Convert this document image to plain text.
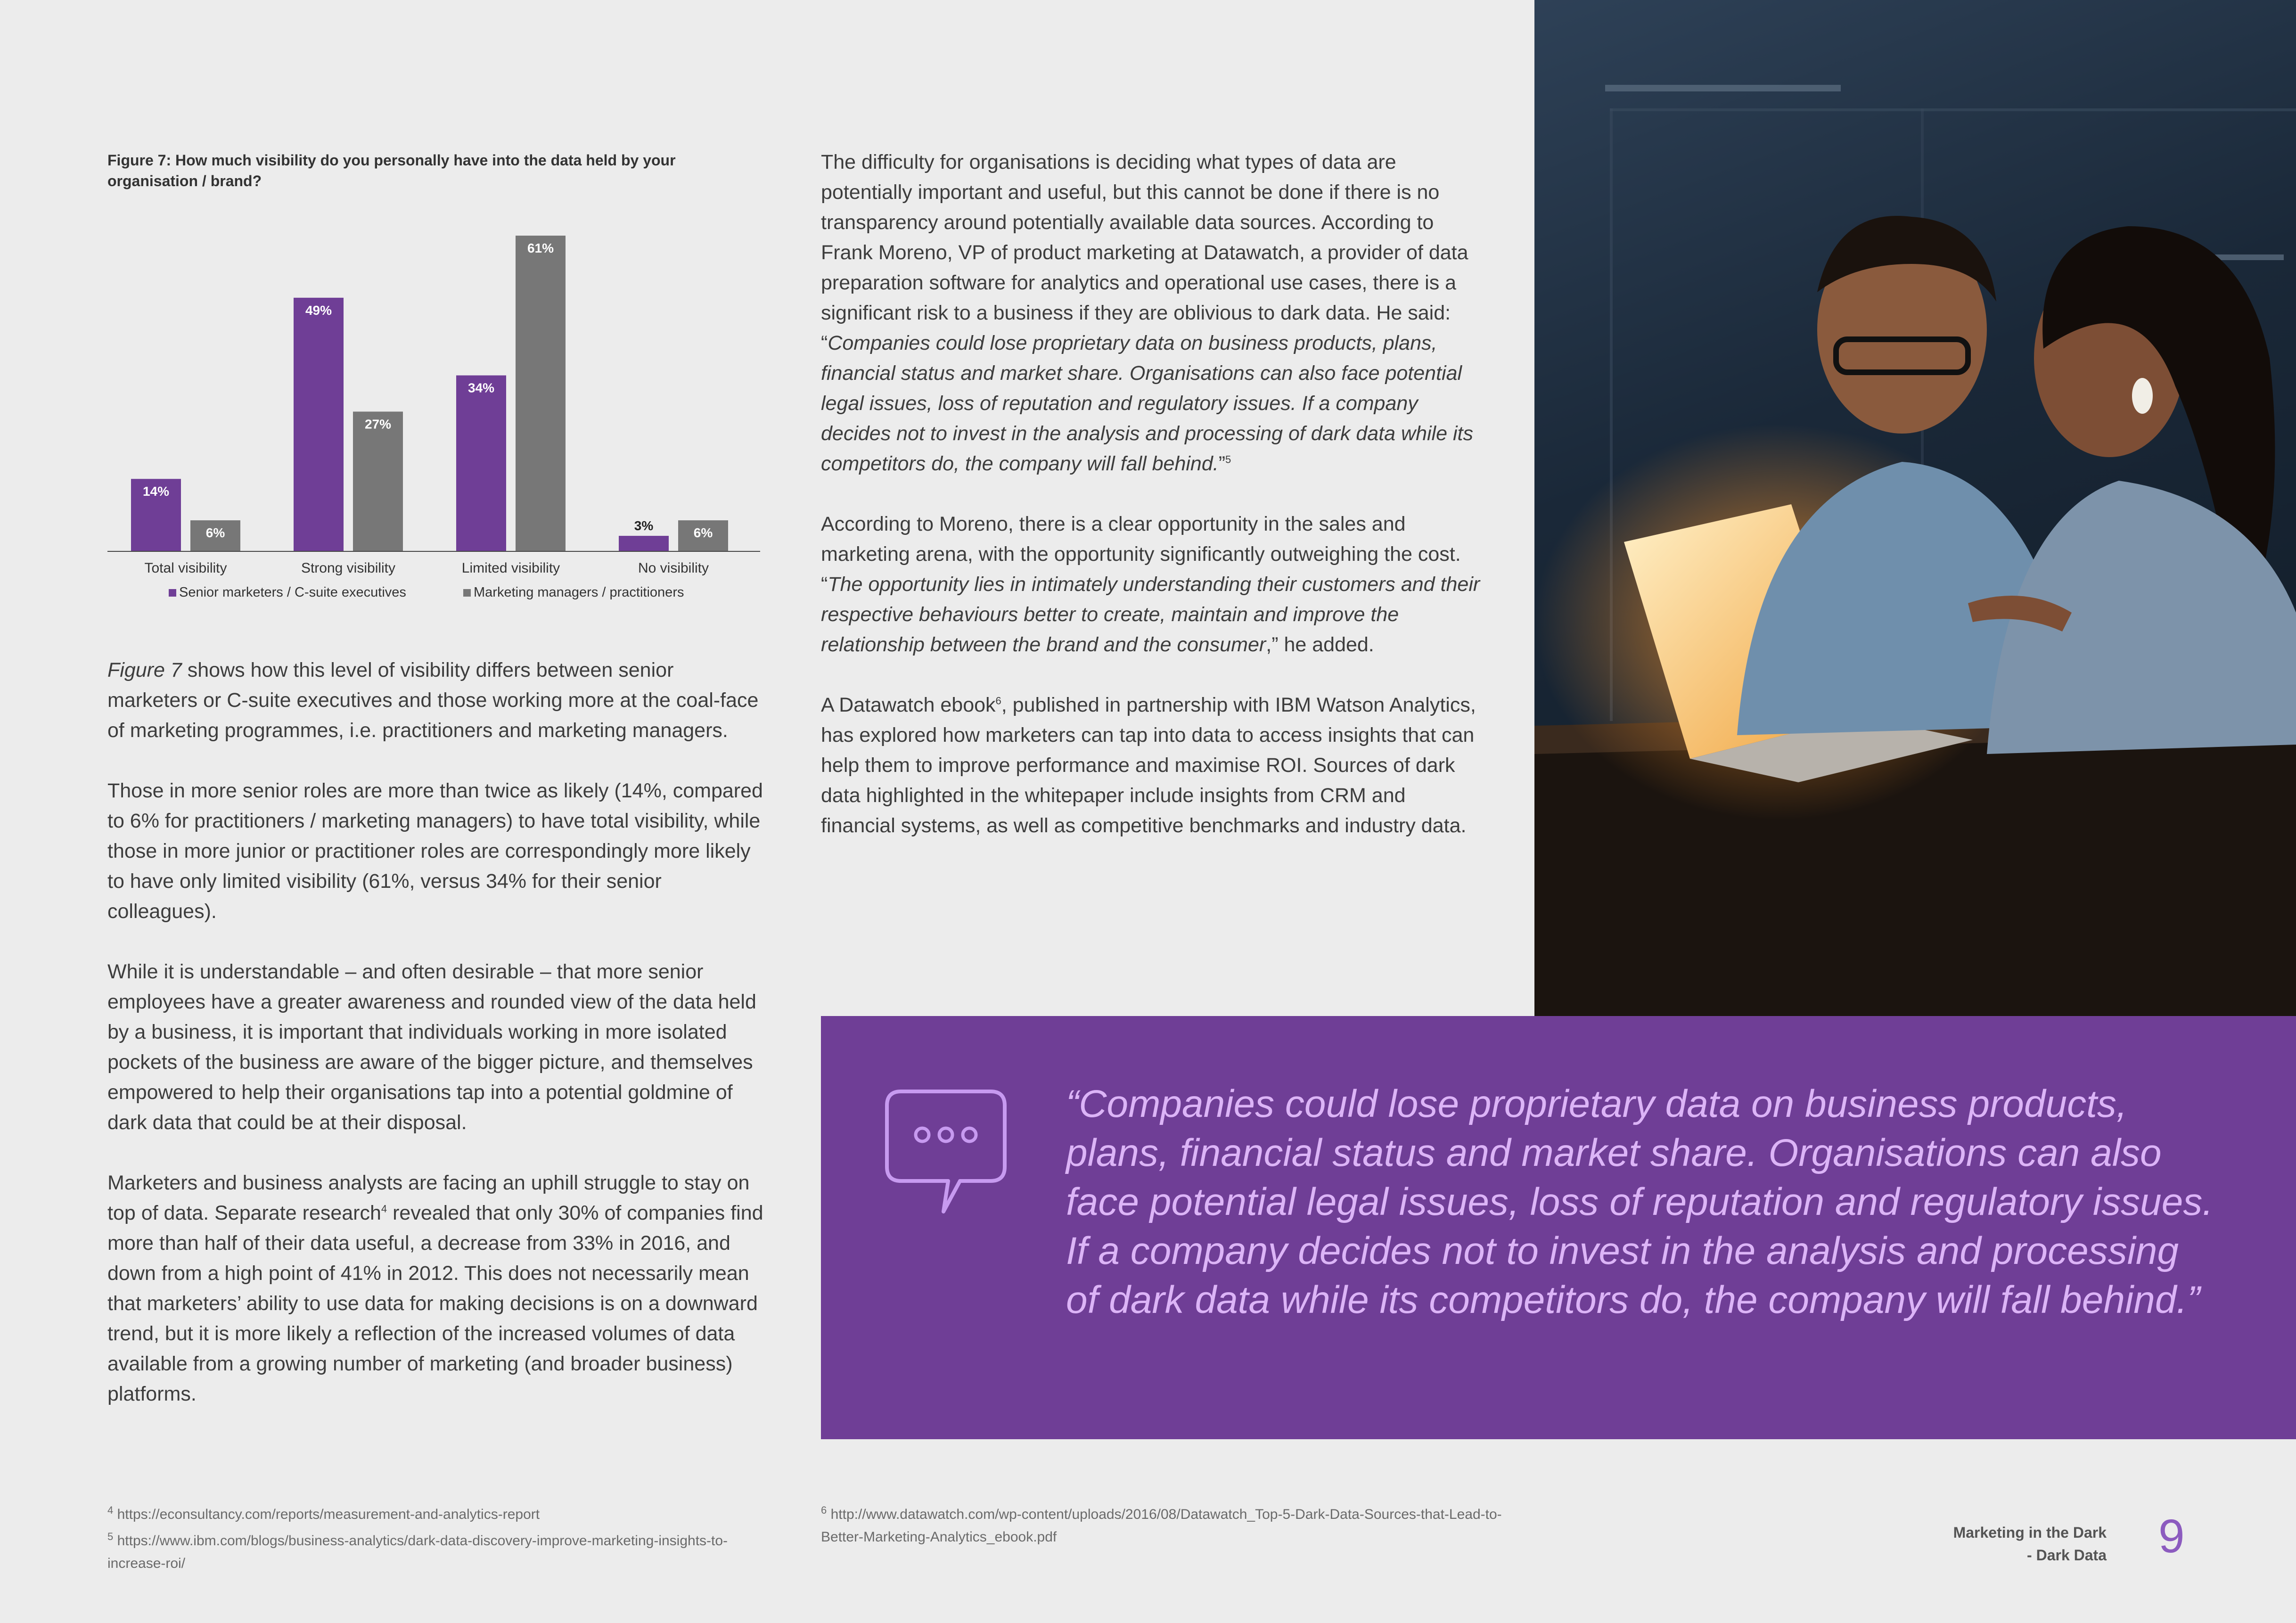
Figure 7: How much visibility do you personally have into the data held by your
organisation / brand?
14%
6%
Total visibility
49%
27%
Strong visibility
34%
61%
Limited visibility
3%	6%
No visibility
Senior marketers / C-suite executives	Marketing managers / practitioners

Figure 7 shows how this level of visibility differs between senior marketers or C-suite executives and those working more at the coal-face of marketing programmes, i.e. practitioners and marketing managers.

Those in more senior roles are more than twice as likely (14%, compared to 6% for practitioners / marketing managers) to have total visibility, while those in more junior or practitioner roles are correspondingly more likely to have only limited visibility (61%, versus 34% for their senior colleagues).

While it is understandable – and often desirable – that more senior employees have a greater awareness and rounded view of the data held by a business, it is important that individuals working in more isolated pockets of the business are aware of the bigger picture, and themselves empowered to help their organisations tap into a potential goldmine of dark data that could be at their disposal.

Marketers and business analysts are facing an uphill struggle to stay on top of data. Separate research$^4$ revealed that only 30% of companies find more than half of their data useful, a decrease from 33% in 2016, and down from a high point of 41% in 2012. This does not necessarily mean that marketers’ ability to use data for making decisions is on a downward trend, but it is more likely a reflection of the increased volumes of data available from a growing number of marketing (and broader business) platforms.

The difficulty for organisations is deciding what types of data are potentially important and useful, but this cannot be done if there is no transparency around potentially available data sources. According to Frank Moreno, VP of product marketing at Datawatch, a provider of data preparation software for analytics and operational use cases, there is a significant risk to a business if they are oblivious to dark data. He said: “Companies could lose proprietary data on business products, plans, financial status and market share. Organisations can also face potential legal issues, loss of reputation and regulatory issues. If a company decides not to invest in the analysis and processing of dark data while its competitors do, the company will fall behind.”$^5$

According to Moreno, there is a clear opportunity in the sales and marketing arena, with the opportunity significantly outweighing the cost. “The opportunity lies in intimately understanding their customers and their respective behaviours better to create, maintain and improve the relationship between the brand and the consumer,” he added.

A Datawatch ebook$^6$, published in partnership with IBM Watson Analytics, has explored how marketers can tap into data to access insights that can help them to improve performance and maximise ROI. Sources of dark data highlighted in the whitepaper include insights from CRM and financial systems, as well as competitive benchmarks and industry data.

“Companies could lose proprietary data on business products, plans, financial status and market share. Organisations can also face potential legal issues, loss of reputation and regulatory issues. If a company decides not to invest in the analysis and processing of dark data while its competitors do, the company will fall behind.”

$^4$ https://econsultancy.com/reports/measurement-and-analytics-report

$^5$ https://www.ibm.com/blogs/business-analytics/dark-data-discovery-improve-marketing-insights-to-increase-roi/

$^6$ http://www.datawatch.com/wp-content/uploads/2016/08/Datawatch_Top-5-Dark-Data-Sources-that-Lead-to-Better-Marketing-Analytics_ebook.pdf	Marketing in the Dark
- Dark Data 9
